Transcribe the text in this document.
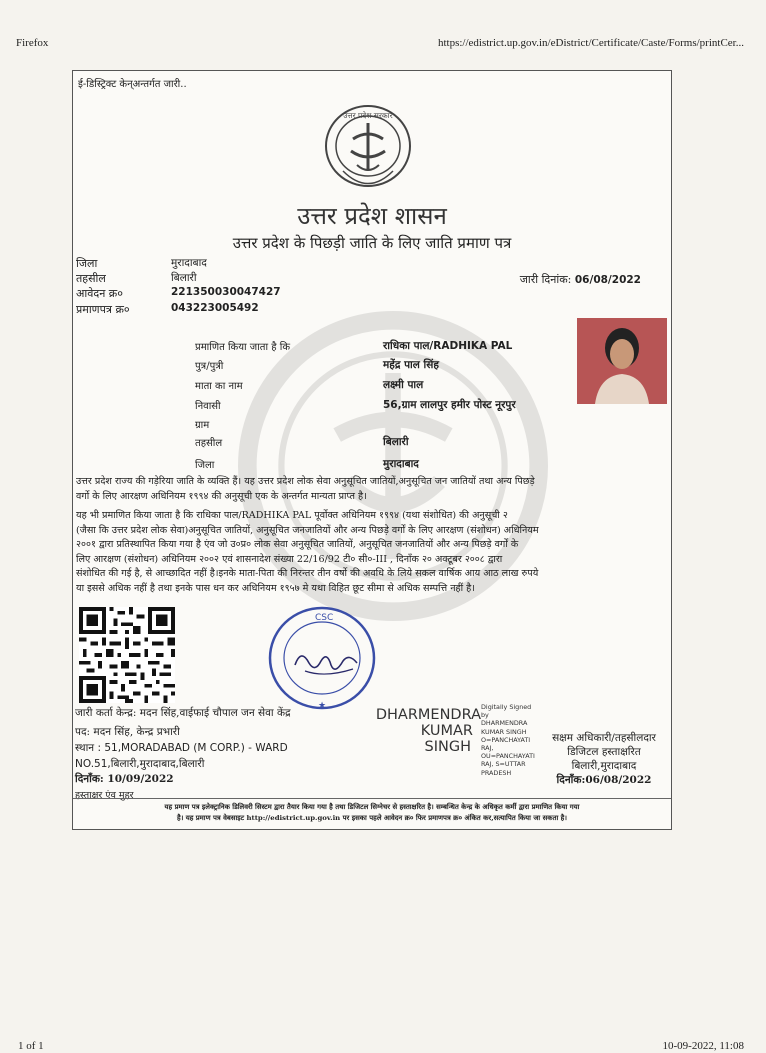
Firefox	https://edistrict.up.gov.in/eDistrict/Certificate/Caste/Forms/printCer...
ई-डिस्ट्रिक्ट केन्अन्तर्गत जारी..
उत्तर प्रदेश सरकार
उत्तर प्रदेश शासन
उत्तर प्रदेश के पिछड़ी जाति के लिए जाति प्रमाण पत्र
जिला	मुरादाबाद
तहसील	बिलारी
आवेदन क्र०	221350030047427
प्रमाणपत्र क्र०	043223005492
जारी दिनांक: 06/08/2022
प्रमाणित किया जाता है कि	राधिका पाल/RADHIKA PAL
पुत्र/पुत्री	महेंद्र पाल सिंह
माता का नाम	लक्ष्मी पाल
निवासी	56,ग्राम लालपुर हमीर पोस्ट नूरपुर
ग्राम
तहसील	बिलारी
जिला	मुरादाबाद
उत्तर प्रदेश राज्य की गड़ेरिया जाति के व्यक्ति हैं। यह उत्तर प्रदेश लोक सेवा अनुसूचित जातियों,अनुसूचित जन जातियों तथा अन्य पिछड़े
वर्गो के लिए आरक्षण अधिनियम १९९४ की अनुसूची एक के अन्तर्गत मान्यता प्राप्त है।
यह भी प्रमाणित किया जाता है कि राधिका पाल/RADHIKA PAL पूर्वोक्त अधिनियम १९९४ (यथा संशोधित) की अनुसूची २
(जैसा कि उत्तर प्रदेश लोक सेवा)अनुसूचित जातियों, अनुसूचित जनजातियों और अन्य पिछड़े वर्गों के लिए आरक्षण (संशोधन) अधिनियम
२००१ द्वारा प्रतिस्थापित किया गया है एंव जो उ०प्र० लोक सेवा अनुसूचित जातियों, अनुसूचित जनजातियों और अन्य पिछड़े वर्गों के
लिए आरक्षण (संशोधन) अधिनियम २००२ एवं शासनादेश संख्या 22/16/92 टी० सी०-III , दिनाँक २० अक्टूबर २००८ द्वारा
संशोधित की गई है, से आच्छादित नहीं है।इनके माता-पिता की निरन्तर तीन वर्षो की अवधि के लिये सकल वार्षिक आय आठ लाख रुपये
या इससे अधिक नहीं है तथा इनके पास धन कर अधिनियम १९५७ मे यथा विहित छूट सीमा से अधिक सम्पत्ति नहीं है।
CSC
★
जारी कर्ता केन्द्र: मदन सिंह,वाईफाई चौपाल जन सेवा केंद्र
पद: मदन सिंह, केन्द्र प्रभारी
स्थान : 51,MORADABAD (M CORP.) - WARD
NO.51,बिलारी,मुरादाबाद,बिलारी
दिनाँक: 10/09/2022
हस्ताक्षर एंव मुहर
DHARMENDRA
KUMAR
SINGH
Digitally Signed
by
DHARMENDRA
KUMAR SINGH
O=PANCHAYATI
RAJ,
OU=PANCHAYATI
RAJ, S=UTTAR
PRADESH
सक्षम अधिकारी/तहसीलदार
डिजिटल हस्ताक्षरित
बिलारी,मुरादाबाद
दिनाँक:06/08/2022
यह प्रमाण पत्र इलेक्ट्रानिक डिलिवरी सिस्टम द्वारा तैयार किया गया है तथा डिजिटल सिग्नेचर से हस्ताक्षरित है। सम्बन्धित केन्द्र के अधिकृत कर्मी द्वारा प्रमाणित किया गया
है। यह प्रमाण पत्र वेबसाइट http://edistrict.up.gov.in पर इसका पहले आवेदन क्र० फिर प्रमाणपत्र क्र० अंकित कर,सत्यापित किया जा सकता है।
1 of 1	10-09-2022, 11:08
